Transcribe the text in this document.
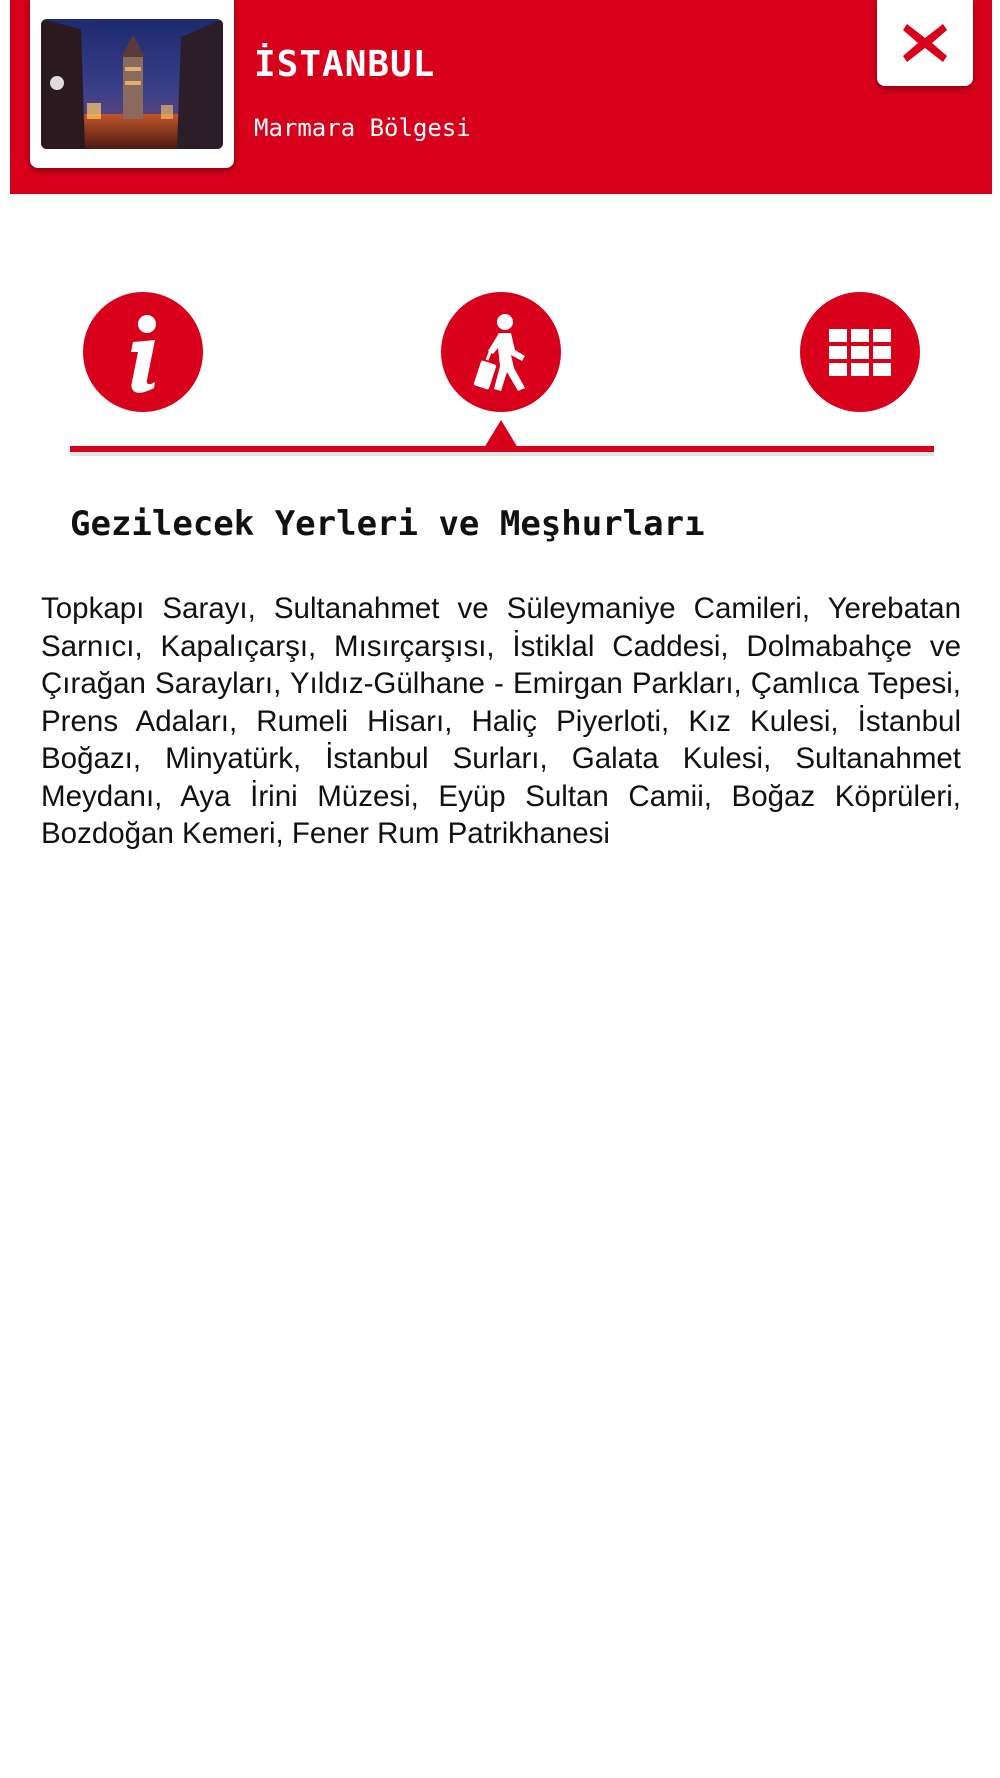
İSTANBUL
Marmara Bölgesi
Gezilecek Yerleri ve Meşhurları
Topkapı Sarayı, Sultanahmet ve Süleymaniye Camileri, Yerebatan Sarnıcı, Kapalıçarşı, Mısırçarşısı, İstiklal Caddesi, Dolmabahçe ve Çırağan Sarayları, Yıldız-Gülhane - Emirgan Parkları, Çamlıca Tepesi, Prens Adaları, Rumeli Hisarı, Haliç Piyerloti, Kız Kulesi, İstanbul Boğazı, Minyatürk, İstanbul Surları, Galata Kulesi, Sultanahmet Meydanı, Aya İrini Müzesi, Eyüp Sultan Camii, Boğaz Köprüleri, Bozdoğan Kemeri, Fener Rum Patrikhanesi
